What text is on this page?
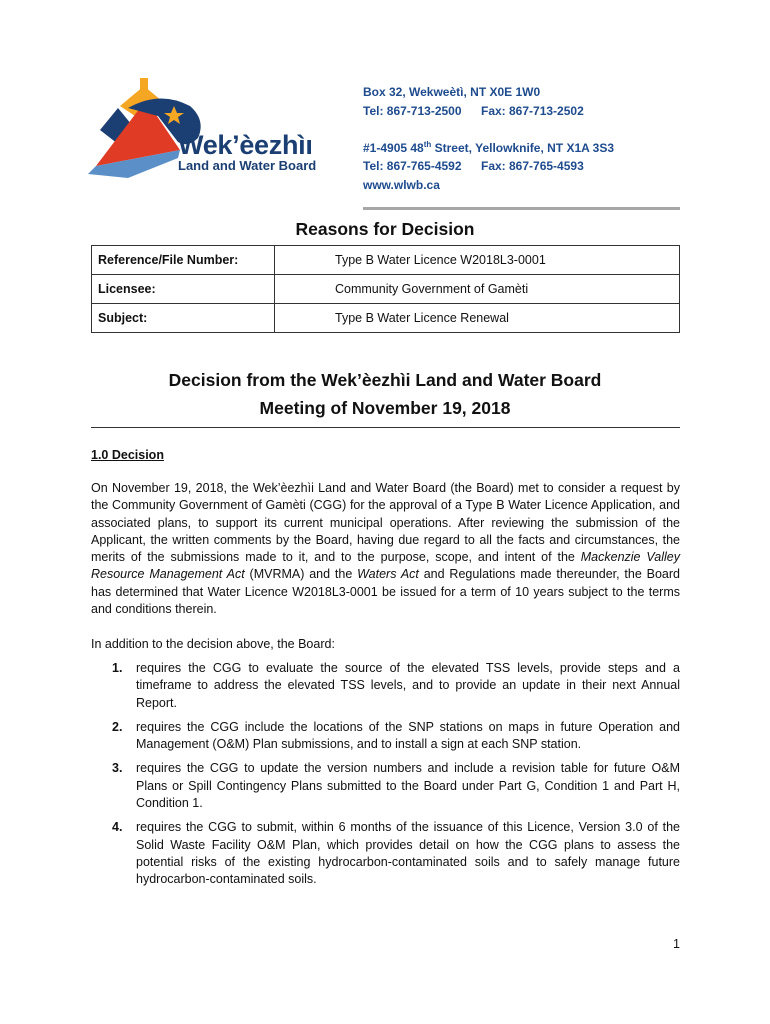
Wek’èezhìı
Land and Water Board
Box 32, Wekweètì, NT X0E 1W0
Tel: 867-713-2500 Fax: 867-713-2502
#1-4905 48th Street, Yellowknife, NT X1A 3S3
Tel: 867-765-4592 Fax: 867-765-4593
www.wlwb.ca
Reasons for Decision
Reference/File Number:	Type B Water Licence W2018L3-0001
Licensee:	Community Government of Gamèti
Subject:	Type B Water Licence Renewal
Decision from the Wek’èezhìi Land and Water Board
Meeting of November 19, 2018
1.0 Decision
On November 19, 2018, the Wek’èezhìi Land and Water Board (the Board) met to consider a request by the Community Government of Gamèti (CGG) for the approval of a Type B Water Licence Application, and associated plans, to support its current municipal operations. After reviewing the submission of the Applicant, the written comments by the Board, having due regard to all the facts and circumstances, the merits of the submissions made to it, and to the purpose, scope, and intent of the Mackenzie Valley Resource Management Act (MVRMA) and the Waters Act and Regulations made thereunder, the Board has determined that Water Licence W2018L3-0001 be issued for a term of 10 years subject to the terms and conditions therein.
In addition to the decision above, the Board:
1. requires the CGG to evaluate the source of the elevated TSS levels, provide steps and a timeframe to address the elevated TSS levels, and to provide an update in their next Annual Report.
2. requires the CGG include the locations of the SNP stations on maps in future Operation and Management (O&M) Plan submissions, and to install a sign at each SNP station.
3. requires the CGG to update the version numbers and include a revision table for future O&M Plans or Spill Contingency Plans submitted to the Board under Part G, Condition 1 and Part H, Condition 1.
4. requires the CGG to submit, within 6 months of the issuance of this Licence, Version 3.0 of the Solid Waste Facility O&M Plan, which provides detail on how the CGG plans to assess the potential risks of the existing hydrocarbon-contaminated soils and to safely manage future hydrocarbon-contaminated soils.
1
